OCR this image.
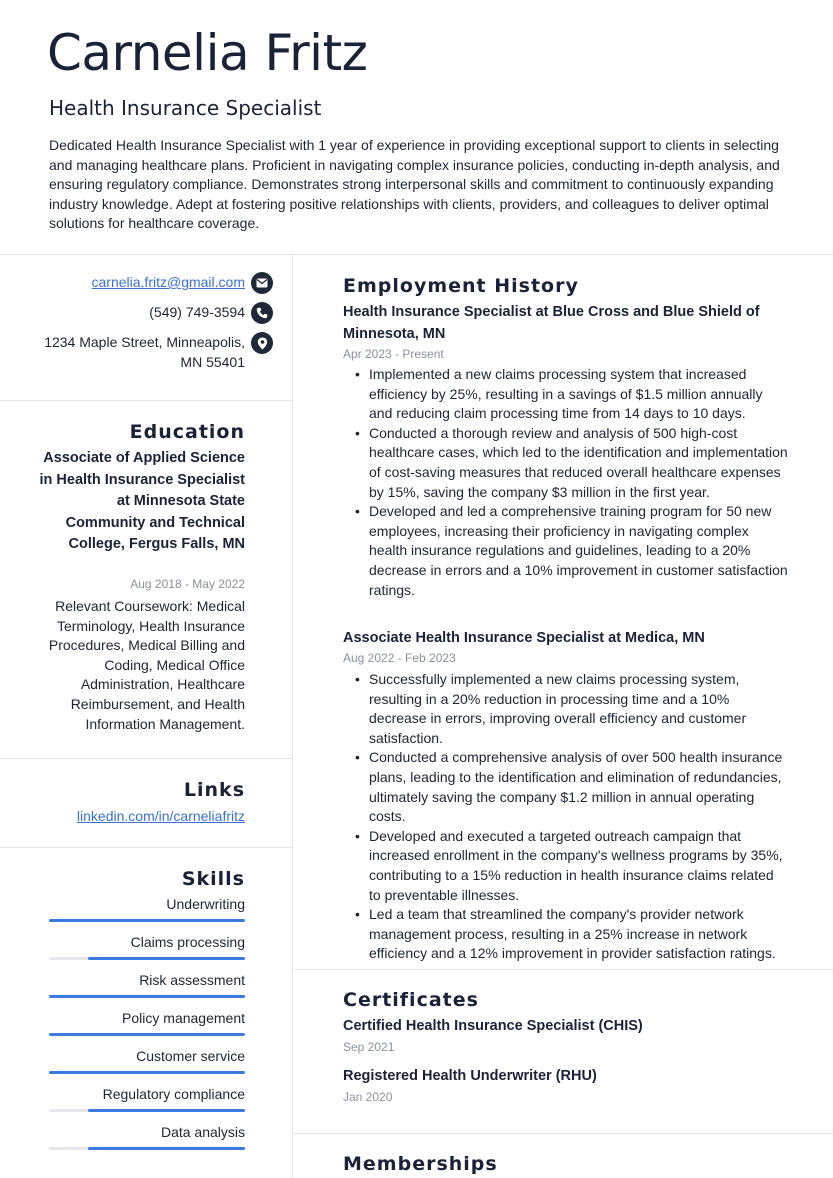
Carnelia Fritz
Health Insurance Specialist

Dedicated Health Insurance Specialist with 1 year of experience in providing exceptional support to clients in selecting and managing healthcare plans. Proficient in navigating complex insurance policies, conducting in-depth analysis, and ensuring regulatory compliance. Demonstrates strong interpersonal skills and commitment to continuously expanding industry knowledge. Adept at fostering positive relationships with clients, providers, and colleagues to deliver optimal solutions for healthcare coverage.

carnelia.fritz@gmail.com
(549) 749-3594
1234 Maple Street, Minneapolis,
MN 55401
Education
Associate of Applied Science in Health Insurance Specialist at Minnesota State Community and Technical College, Fergus Falls, MN
Aug 2018 - May 2022

Relevant Coursework: Medical Terminology, Health Insurance Procedures, Medical Billing and Coding, Medical Office Administration, Healthcare Reimbursement, and Health Information Management.

Links
linkedin.com/in/carneliafritz
Skills
Underwriting
Claims processing
Risk assessment
Policy management
Customer service
Regulatory compliance
Data analysis
Employment History
Health Insurance Specialist at Blue Cross and Blue Shield of Minnesota, MN
Apr 2023 - Present
• Implemented a new claims processing system that increased efficiency by 25%, resulting in a savings of $1.5 million annually and reducing claim processing time from 14 days to 10 days.
• Conducted a thorough review and analysis of 500 high-cost healthcare cases, which led to the identification and implementation of cost-saving measures that reduced overall healthcare expenses by 15%, saving the company $3 million in the first year.
• Developed and led a comprehensive training program for 50 new employees, increasing their proficiency in navigating complex health insurance regulations and guidelines, leading to a 20% decrease in errors and a 10% improvement in customer satisfaction ratings.
Associate Health Insurance Specialist at Medica, MN
Aug 2022 - Feb 2023
• Successfully implemented a new claims processing system, resulting in a 20% reduction in processing time and a 10% decrease in errors, improving overall efficiency and customer satisfaction.
• Conducted a comprehensive analysis of over 500 health insurance plans, leading to the identification and elimination of redundancies, ultimately saving the company $1.2 million in annual operating costs.
• Developed and executed a targeted outreach campaign that increased enrollment in the company's wellness programs by 35%, contributing to a 15% reduction in health insurance claims related to preventable illnesses.
• Led a team that streamlined the company's provider network management process, resulting in a 25% increase in network efficiency and a 12% improvement in provider satisfaction ratings.
Certificates
Certified Health Insurance Specialist (CHIS)
Sep 2021
Registered Health Underwriter (RHU)
Jan 2020
Memberships
